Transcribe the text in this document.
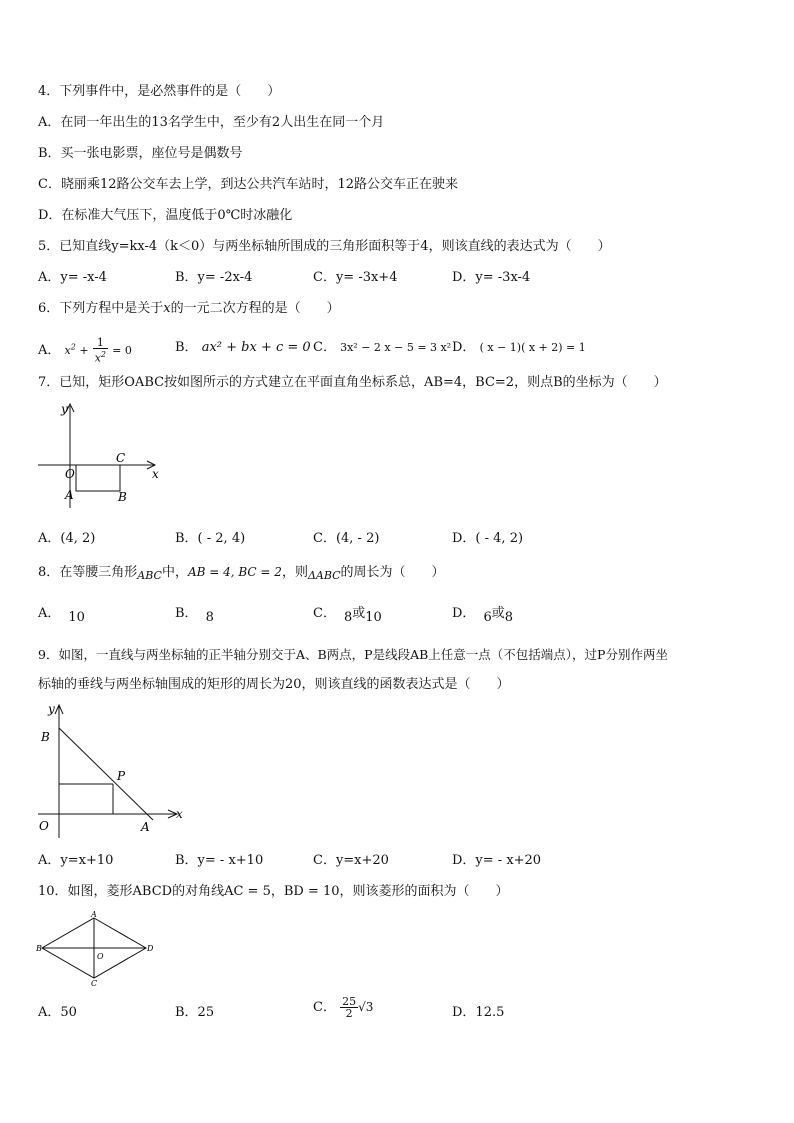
4．下列事件中，是必然事件的是（　　）
A．在同一年出生的13名学生中，至少有2人出生在同一个月
B．买一张电影票，座位号是偶数号
C．晓丽乘12路公交车去上学，到达公共汽车站时，12路公交车正在驶来
D．在标准大气压下，温度低于0℃时冰融化
5．已知直线y=kx-4（k＜0）与两坐标轴所围成的三角形面积等于4，则该直线的表达式为（　　）
A．y= -x-4	B．y= -2x-4	C．y= -3x+4	D．y= -3x-4
6．下列方程中是关于x的一元二次方程的是（　　）
A． $x^2 + \frac{1}{x^2} = 0$	B． ax² + bx + c = 0 C． 3x² − 2 x − 5 = 3 x² D． ( x − 1)( x + 2) = 1
7．已知，矩形OABC按如图所示的方式建立在平面直角坐标系总，AB=4，BC=2，则点B的坐标为（　　）
y
x
O
C
A	B
A．(4, 2)	B．( - 2, 4)	C．(4, - 2)	D．( - 4, 2)
8．在等腰三角形$_{ABC}$中，AB = 4, BC = 2，则$_{\Delta ABC}$的周长为（　　）
A． 10	B． 8	C． 8或10	D． 6或8
9．如图，一直线与两坐标轴的正半轴分别交于A、B两点，P是线段AB上任意一点（不包括端点），过P分别作两坐
标轴的垂线与两坐标轴围成的矩形的周长为20，则该直线的函数表达式是（　　）
y
x
O
B
A
P
A．y=x+10	B．y= - x+10	C．y=x+20	D．y= - x+20
10．如图，菱形ABCD的对角线AC = 5，BD = 10，则该菱形的面积为（　　）
A
B
C
D
O
A．50	B．25	C． $\frac{25}{2} √3$	D．12.5
